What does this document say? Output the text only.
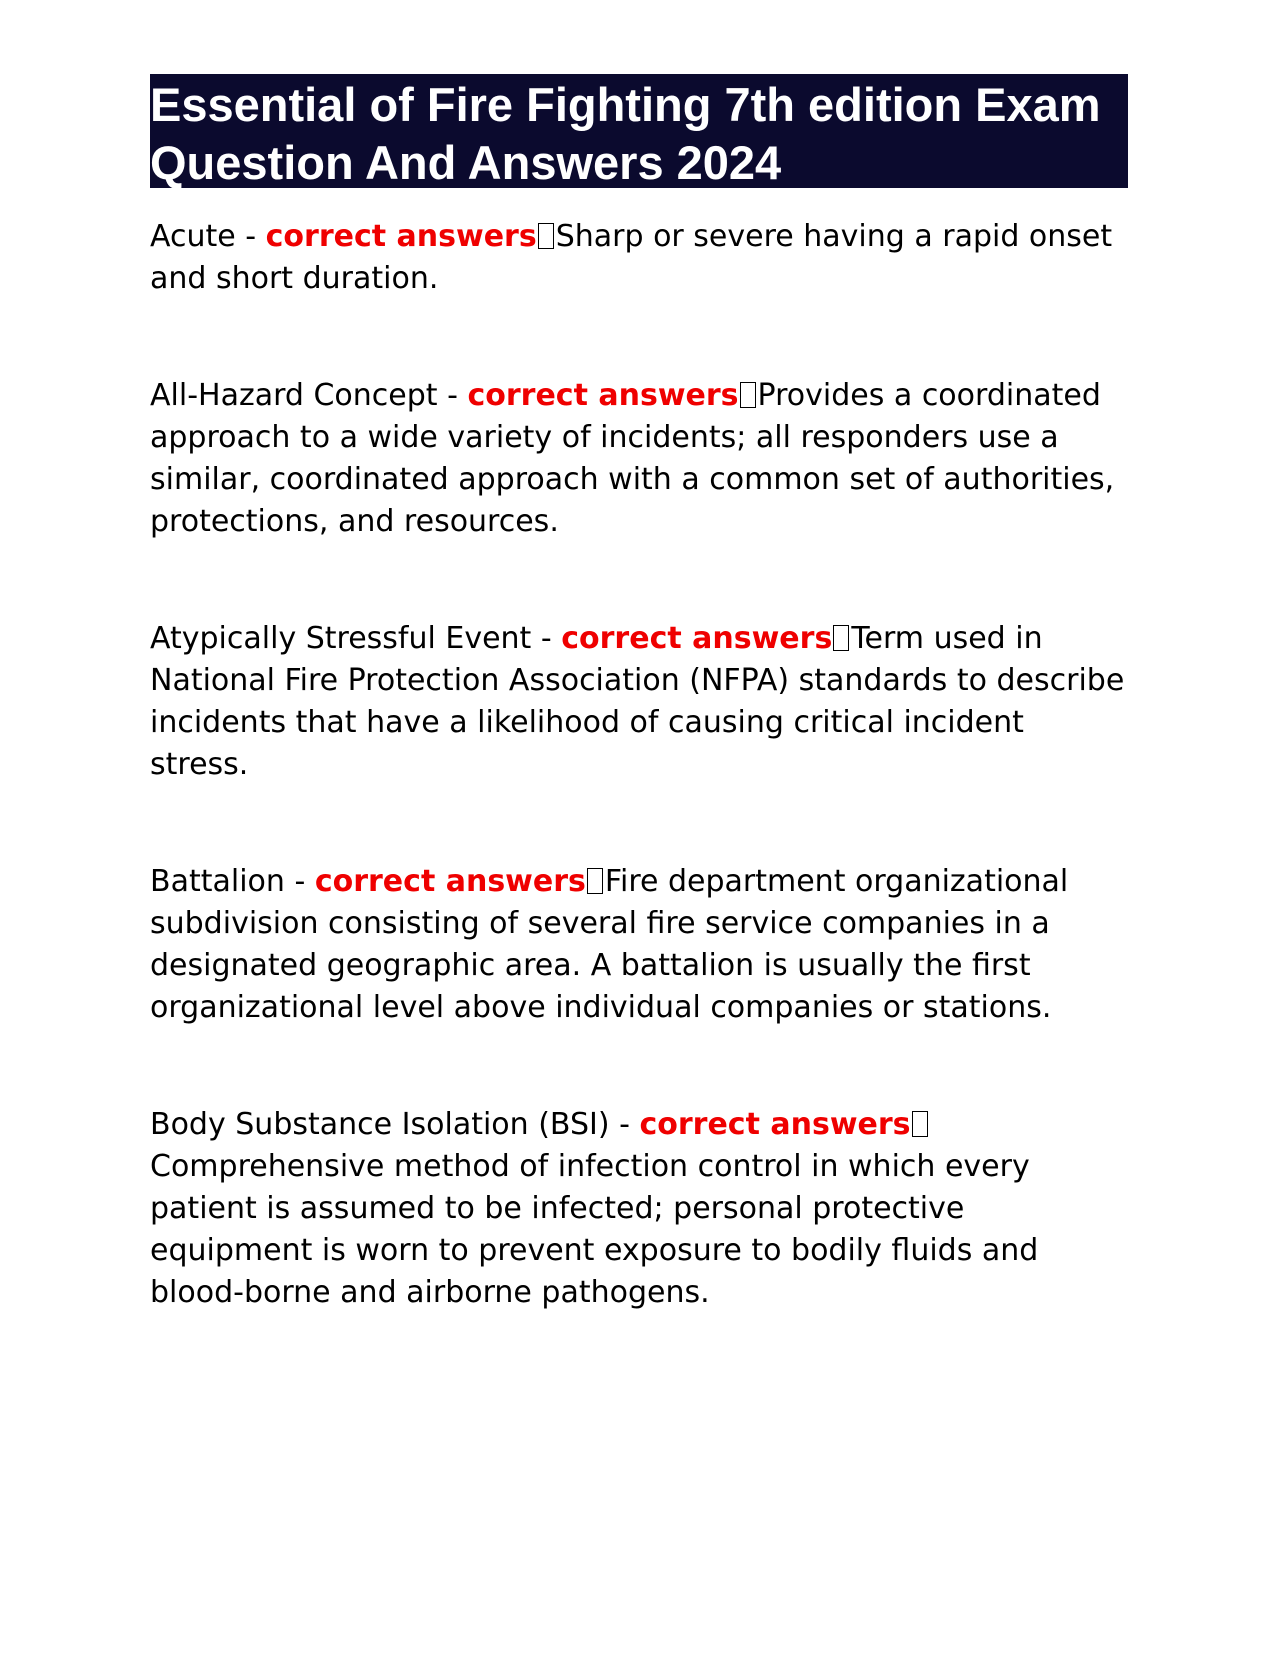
Essential of Fire Fighting 7th edition Exam Question And Answers 2024

Acute - correct answers Sharp or severe having a rapid onset and short duration.

All-Hazard Concept - correct answers Provides a coordinated approach to a wide variety of incidents; all responders use a similar, coordinated approach with a common set of authorities, protections, and resources.

Atypically Stressful Event - correct answers Term used in National Fire Protection Association (NFPA) standards to describe incidents that have a likelihood of causing critical incident stress.

Battalion - correct answers Fire department organizational subdivision consisting of several fire service companies in a designated geographic area. A battalion is usually the first organizational level above individual companies or stations.

Body Substance Isolation (BSI) - correct answersComprehensive method of infection control in which every patient is assumed to be infected; personal protective equipment is worn to prevent exposure to bodily fluids and blood-borne and airborne pathogens.
